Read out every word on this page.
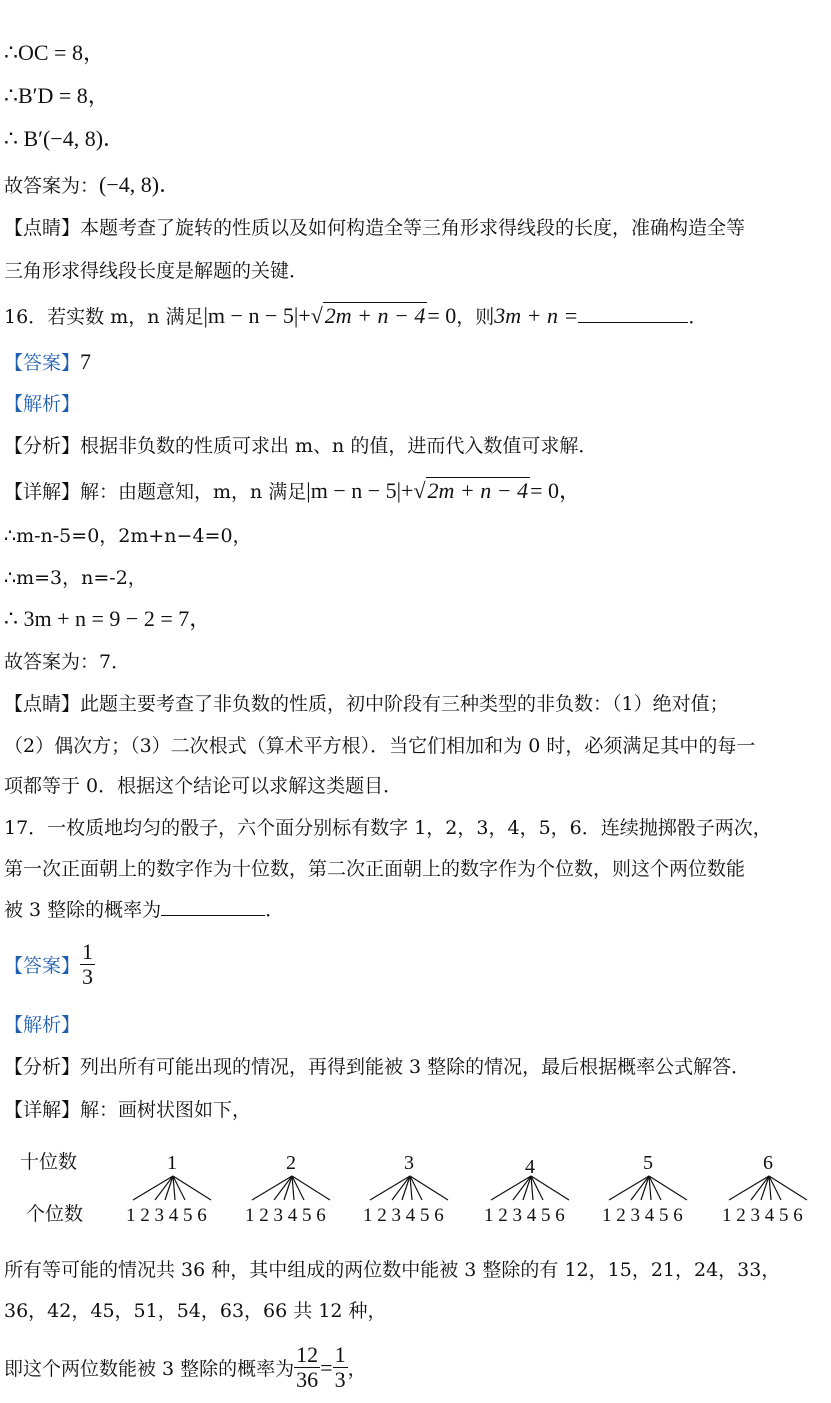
∴OC = 8，
∴B′D = 8，
∴ B′(−4, 8)．
故答案为：(−4, 8)．
【点睛】本题考查了旋转的性质以及如何构造全等三角形求得线段的长度，准确构造全等
三角形求得线段长度是解题的关键．
16．若实数 m，n 满足|m − n − 5|+√2m + n − 4= 0，则3m + n =	．
【答案】7
【解析】
【分析】根据非负数的性质可求出 m、n 的值，进而代入数值可求解．
【详解】解：由题意知，m，n 满足|m − n − 5|+√2m + n − 4= 0，
∴m-n-5=0，2m+n−4=0，
∴m=3，n=-2，
∴ 3m + n = 9 − 2 = 7，
故答案为：7．
【点睛】此题主要考查了非负数的性质，初中阶段有三种类型的非负数：（1）绝对值；
（2）偶次方；（3）二次根式（算术平方根）．当它们相加和为 0 时，必须满足其中的每一
项都等于 0．根据这个结论可以求解这类题目．
17．一枚质地均匀的骰子，六个面分别标有数字 1，2，3，4，5，6．连续抛掷骰子两次，
第一次正面朝上的数字作为十位数，第二次正面朝上的数字作为个位数，则这个两位数能
被 3 整除的概率为	．
【答案】 $\frac{1}{3}$
【解析】
【分析】列出所有可能出现的情况，再得到能被 3 整除的情况，最后根据概率公式解答．
【详解】解：画树状图如下，
十位数
个位数
1
1 2 3 4 5 6
2
1 2 3 4 5 6
3
1 2 3 4 5 6
4
1 2 3 4 5 6
5
1 2 3 4 5 6
6
1 2 3 4 5 6
所有等可能的情况共 36 种，其中组成的两位数中能被 3 整除的有 12，15，21，24，33，
36，42，45，51，54，63，66 共 12 种，
即这个两位数能被 3 整除的概率为 $\frac{12}{36} = \frac{1}{3}$ ，
